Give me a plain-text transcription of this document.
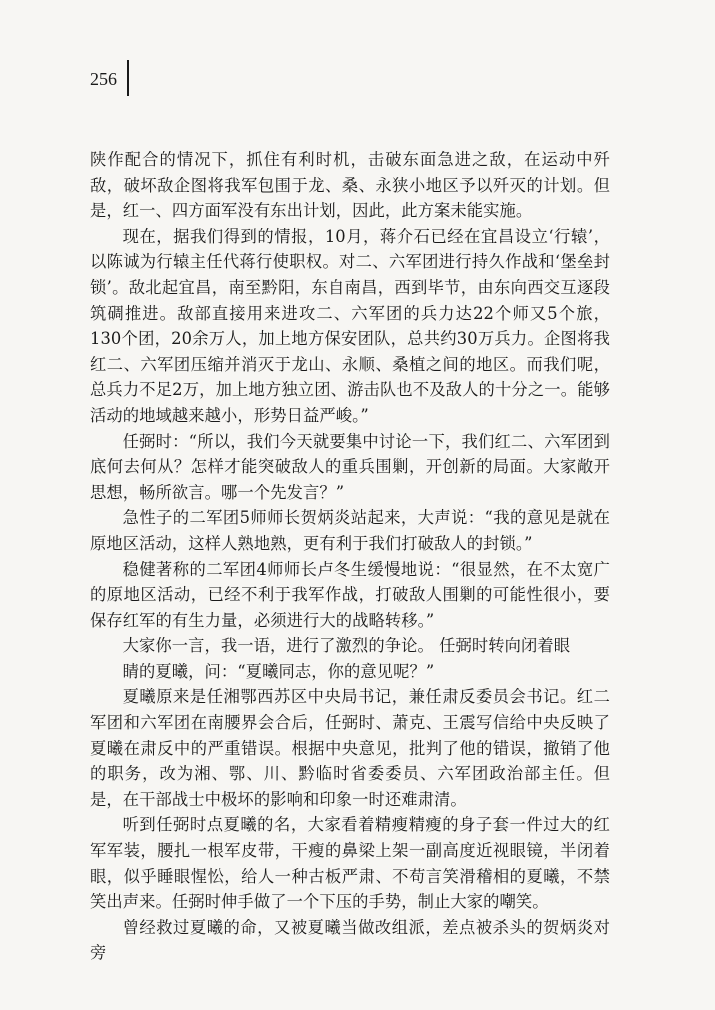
256

陕作配合的情况下，抓住有利时机，击破东面急进之敌，在运动中歼敌，破坏敌企图将我军包围于龙、桑、永狭小地区予以歼灭的计划。但是，红一、四方面军没有东出计划，因此，此方案未能实施。

现在，据我们得到的情报，10月，蒋介石已经在宜昌设立‘行辕’，以陈诚为行辕主任代蒋行使职权。对二、六军团进行持久作战和‘堡垒封锁’。敌北起宜昌，南至黔阳，东自南昌，西到毕节，由东向西交互逐段筑碉推进。敌部直接用来进攻二、六军团的兵力达22个师又5个旅，130个团，20余万人，加上地方保安团队，总共约30万兵力。企图将我红二、六军团压缩并消灭于龙山、永顺、桑植之间的地区。而我们呢，总兵力不足2万，加上地方独立团、游击队也不及敌人的十分之一。能够活动的地域越来越小，形势日益严峻。”

任弼时：“所以，我们今天就要集中讨论一下，我们红二、六军团到底何去何从？怎样才能突破敌人的重兵围剿，开创新的局面。大家敞开思想，畅所欲言。哪一个先发言？”

急性子的二军团5师师长贺炳炎站起来，大声说：“我的意见是就在原地区活动，这样人熟地熟，更有利于我们打破敌人的封锁。”

稳健著称的二军团4师师长卢冬生缓慢地说：“很显然，在不太宽广的原地区活动，已经不利于我军作战，打破敌人围剿的可能性很小，要保存红军的有生力量，必须进行大的战略转移。”

大家你一言，我一语，进行了激烈的争论。 任弼时转向闭着眼

睛的夏曦，问：“夏曦同志，你的意见呢？”

夏曦原来是任湘鄂西苏区中央局书记，兼任肃反委员会书记。红二军团和六军团在南腰界会合后，任弼时、萧克、王震写信给中央反映了夏曦在肃反中的严重错误。根据中央意见，批判了他的错误，撤销了他的职务，改为湘、鄂、川、黔临时省委委员、六军团政治部主任。但是，在干部战士中极坏的影响和印象一时还难肃清。

听到任弼时点夏曦的名，大家看着精瘦精瘦的身子套一件过大的红军军装，腰扎一根军皮带，干瘦的鼻梁上架一副高度近视眼镜，半闭着眼，似乎睡眼惺忪，给人一种古板严肃、不苟言笑滑稽相的夏曦，不禁笑出声来。任弼时伸手做了一个下压的手势，制止大家的嘲笑。

曾经救过夏曦的命，又被夏曦当做改组派，差点被杀头的贺炳炎对旁
